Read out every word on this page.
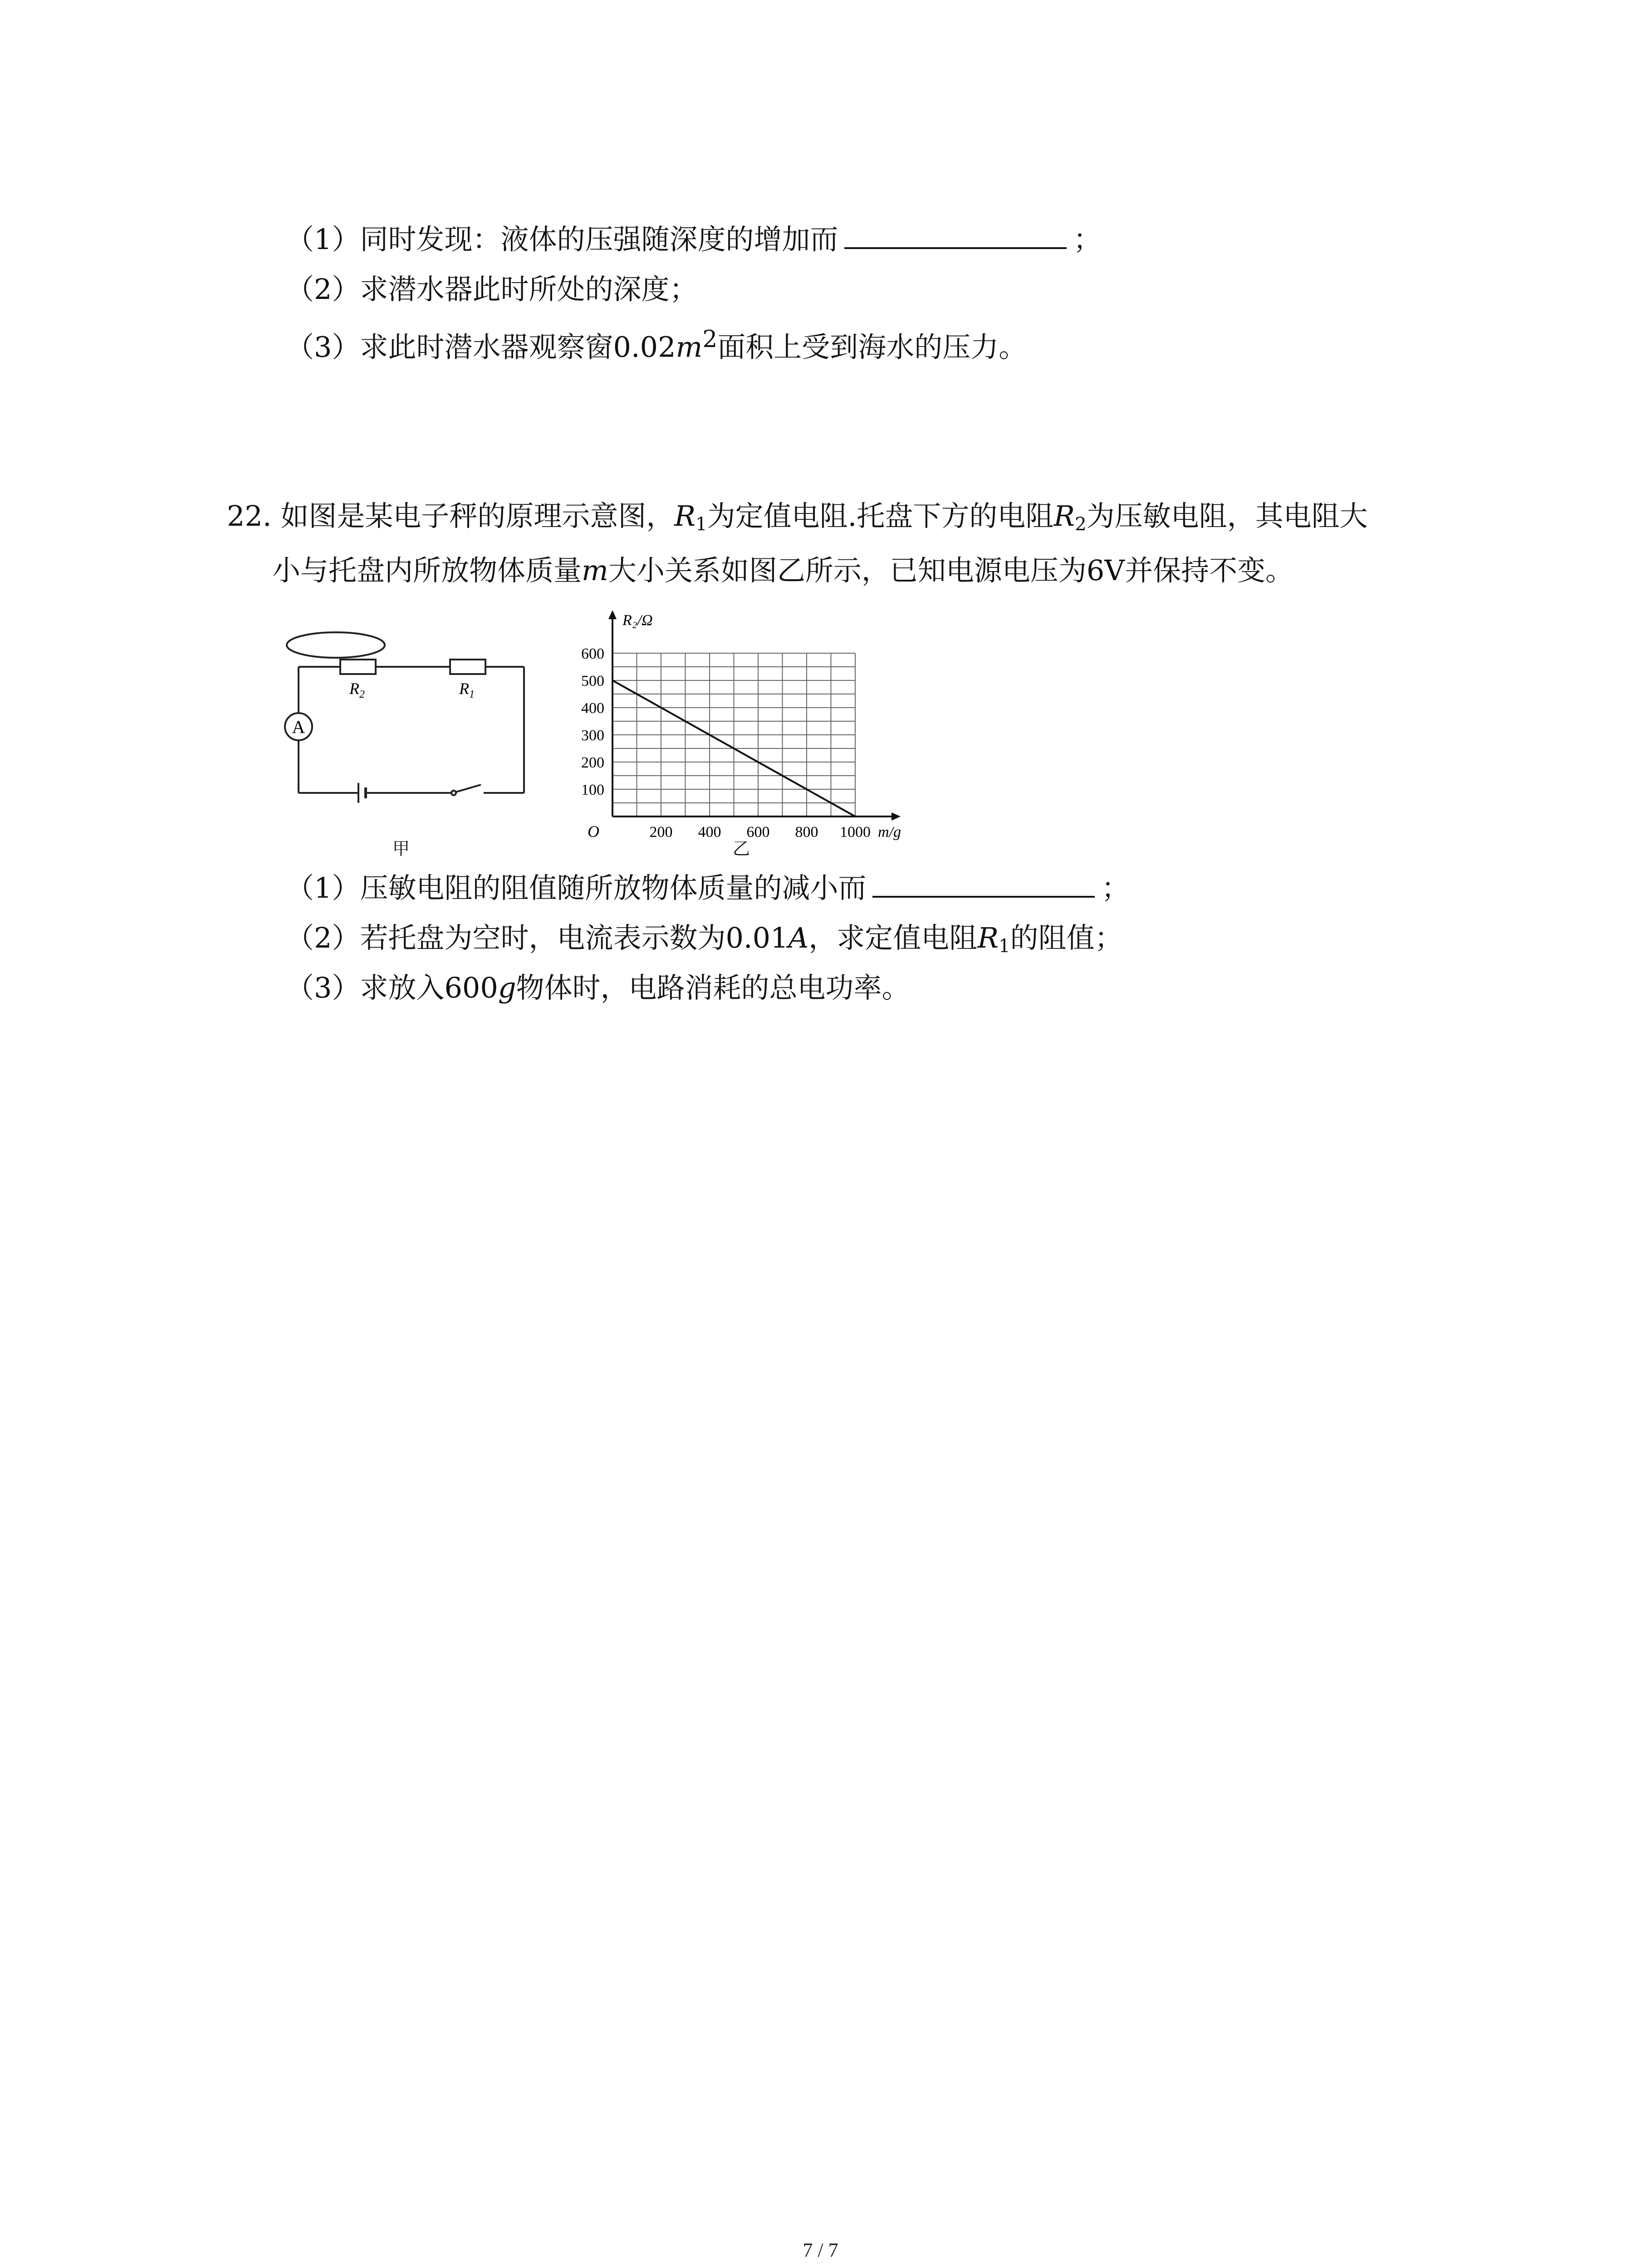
（1）同时发现：液体的压强随深度的增加而	；
（2）求潜水器此时所处的深度；
（3）求此时潜水器观察窗$0.02m^2$面积上受到海水的压力。
22. 如图是某电子秤的原理示意图，$R_1$为定值电阻.托盘下方的电阻$R_2$为压敏电阻，其电阻大
小与托盘内所放物体质量m大小关系如图乙所示，已知电源电压为6V并保持不变。
A
$R_2$	$R_1$
甲
200 400 600 800 1000
100
200
300
400
500
600
O
R₂/Ω
m/g
乙
（1）压敏电阻的阻值随所放物体质量的减小而	；
（2）若托盘为空时，电流表示数为0.01A，求定值电阻$R_1$的阻值；
（3）求放入600g物体时，电路消耗的总电功率。
7 / 7
